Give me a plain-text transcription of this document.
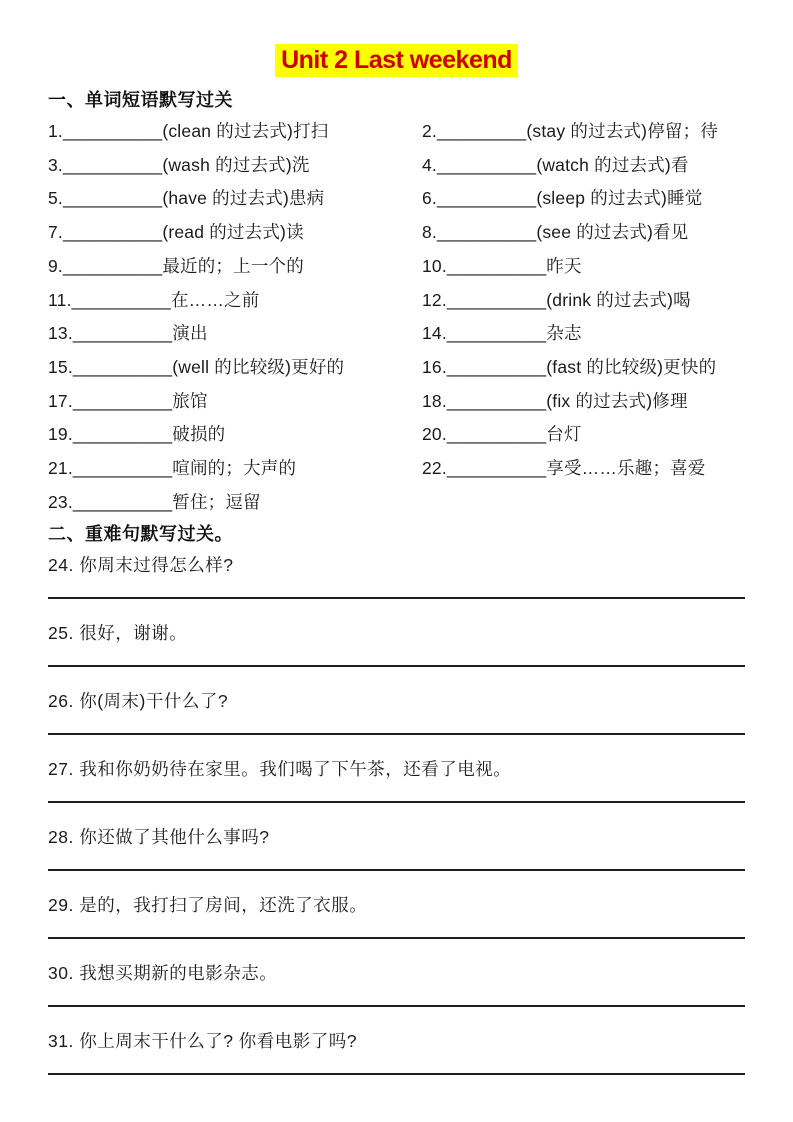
Unit 2 Last weekend
一、单词短语默写过关
1.__________(clean 的过去式)打扫	2._________(stay 的过去式)停留；待
3.__________(wash 的过去式)洗	4.__________(watch 的过去式)看
5.__________(have 的过去式)患病	6.__________(sleep 的过去式)睡觉
7.__________(read 的过去式)读	8.__________(see 的过去式)看见
9.__________最近的；上一个的	10.__________昨天
11.__________在……之前	12.__________(drink 的过去式)喝
13.__________演出	14.__________杂志
15.__________(well 的比较级)更好的	16.__________(fast 的比较级)更快的
17.__________旅馆	18.__________(fix 的过去式)修理
19.__________破损的	20.__________台灯
21.__________喧闹的；大声的	22.__________享受……乐趣；喜爱
23.__________暂住；逗留
二、重难句默写过关。
24. 你周末过得怎么样?
25. 很好，谢谢。
26. 你(周末)干什么了?
27. 我和你奶奶待在家里。我们喝了下午茶，还看了电视。
28. 你还做了其他什么事吗?
29. 是的，我打扫了房间，还洗了衣服。
30. 我想买期新的电影杂志。
31. 你上周末干什么了? 你看电影了吗?
